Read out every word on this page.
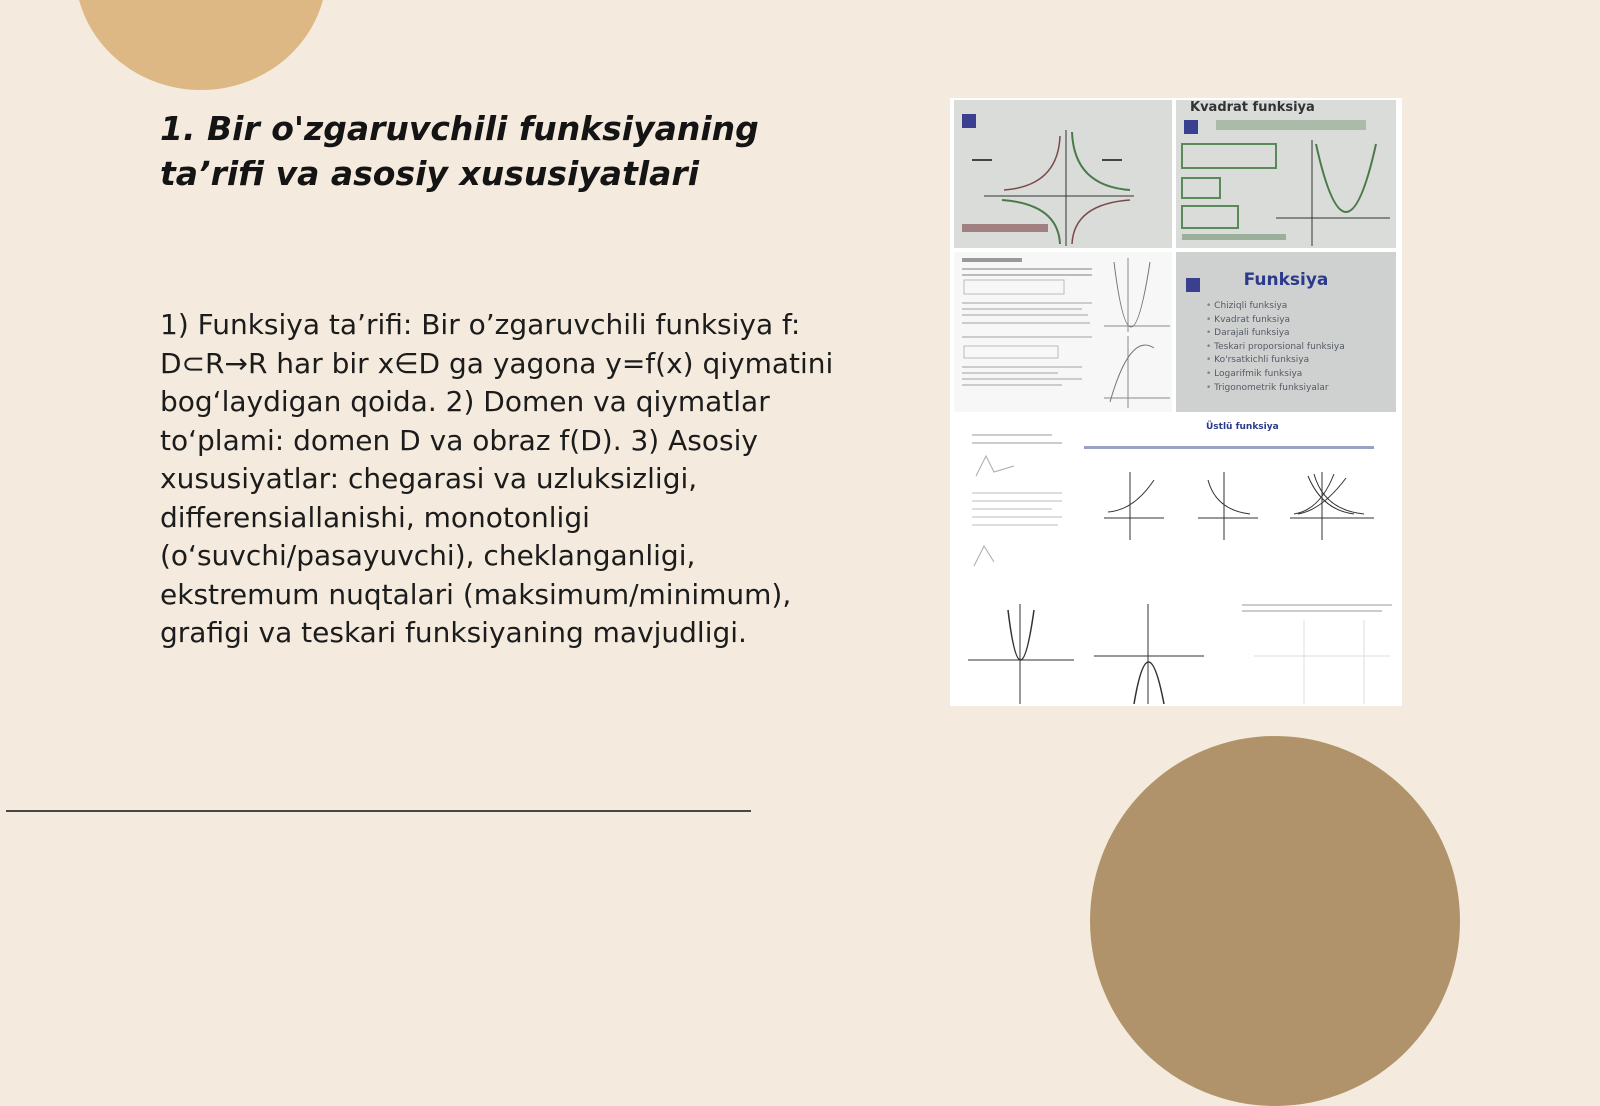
1. Bir o'zgaruvchili funksiyaning ta’rifi va asosiy xususiyatlari

1) Funksiya ta’rifi: Bir o’zgaruvchili funksiya f: D⊂R→R har bir x∈D ga yagona y=f(x) qiymatini bog‘laydigan qoida. 2) Domen va qiymatlar to‘plami: domen D va obraz f(D). 3) Asosiy xususiyatlar: chegarasi va uzluksizligi, differensiallanishi, monotonligi (o‘suvchi/pasayuvchi), cheklanganligi, ekstremum nuqtalari (maksimum/minimum), grafigi va teskari funksiyaning mavjudligi.

Kvadrat funksiya
Funksiya
• Chiziqli funksiya
• Kvadrat funksiya
• Darajali funksiya
• Teskari proporsional funksiya
• Ko'rsatkichli funksiya
• Logarifmik funksiya
• Trigonometrik funksiyalar
Üstlü funksiya
